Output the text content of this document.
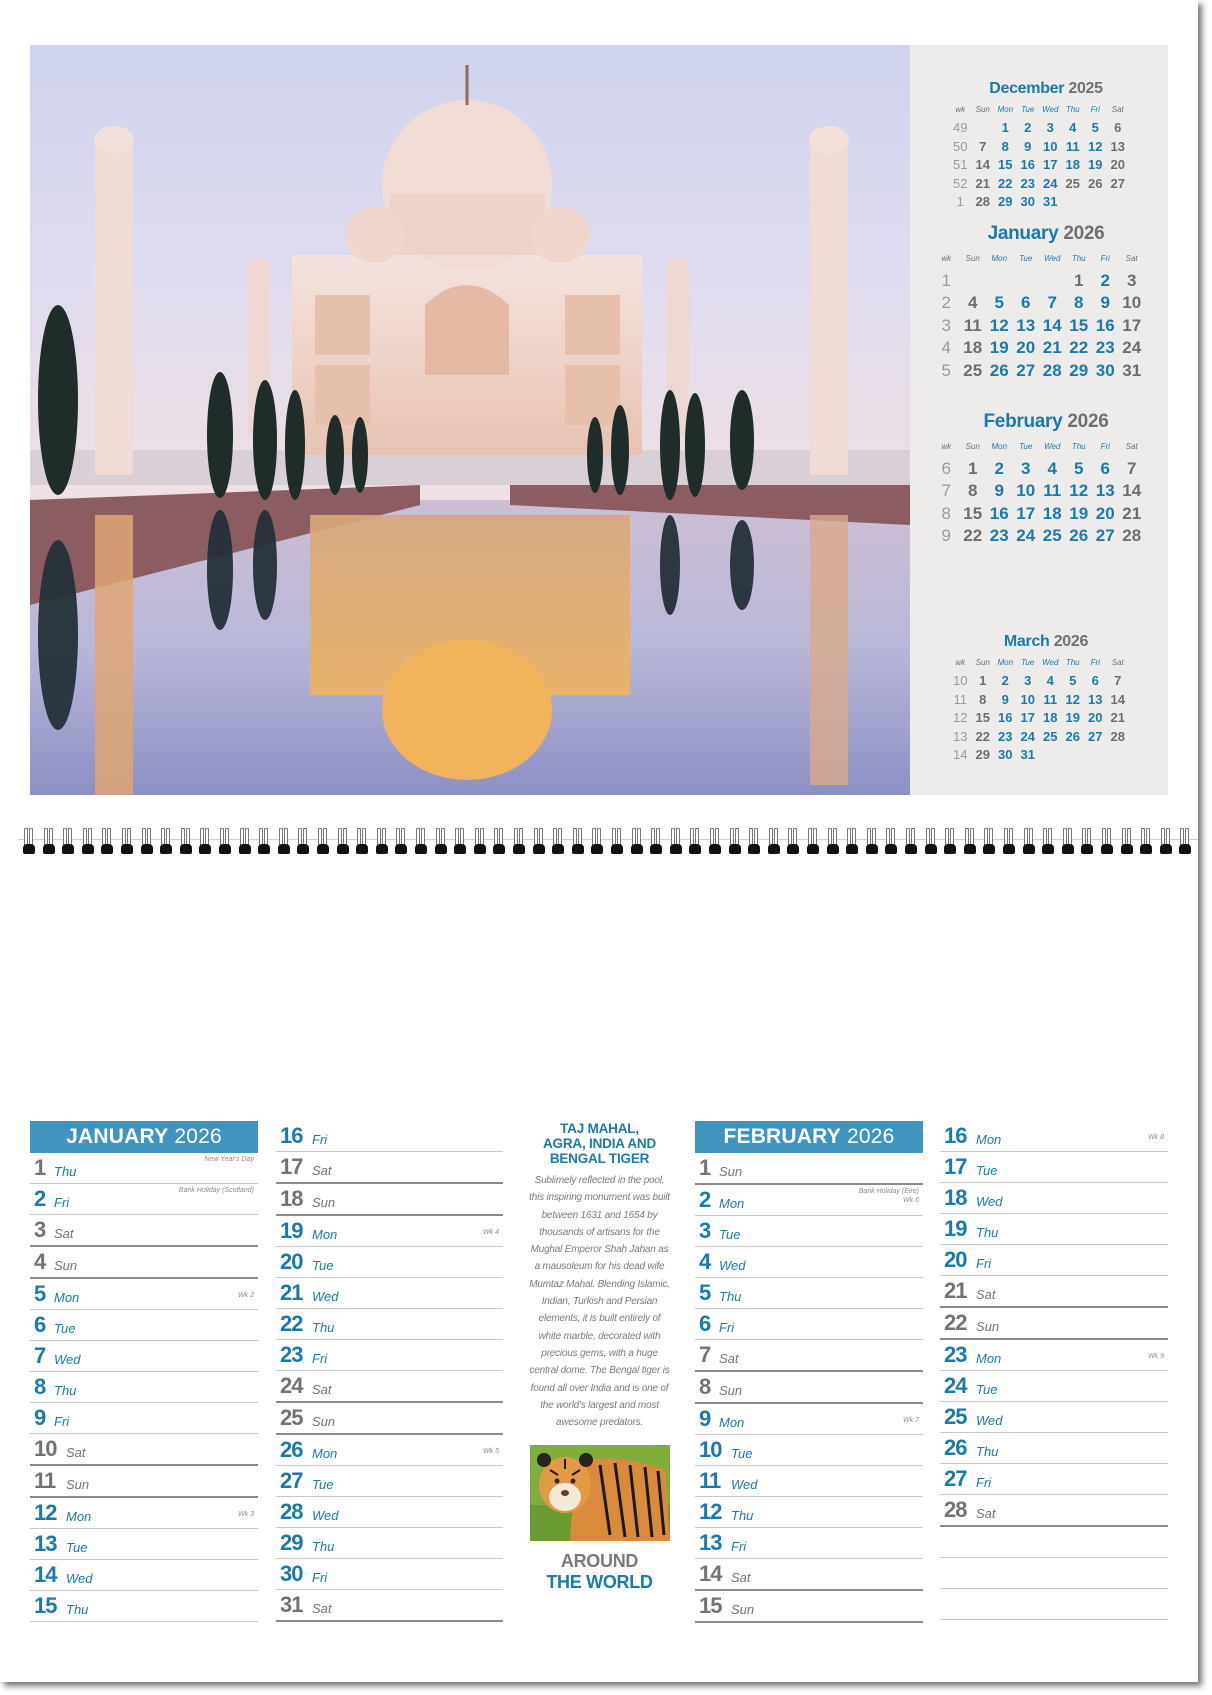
December 2025
wk	Sun	Mon	Tue	Wed	Thu	Fri	Sat
49		1	2	3	4	5	6
50	7	8	9	10	11	12	13
51	14	15	16	17	18	19	20
52	21	22	23	24	25	26	27
1	28	29	30	31			
January 2026
wk	Sun	Mon	Tue	Wed	Thu	Fri	Sat
1					1	2	3
2	4	5	6	7	8	9	10
3	11	12	13	14	15	16	17
4	18	19	20	21	22	23	24
5	25	26	27	28	29	30	31
February 2026
wk	Sun	Mon	Tue	Wed	Thu	Fri	Sat
6	1	2	3	4	5	6	7
7	8	9	10	11	12	13	14
8	15	16	17	18	19	20	21
9	22	23	24	25	26	27	28
March 2026
wk	Sun	Mon	Tue	Wed	Thu	Fri	Sat
10	1	2	3	4	5	6	7
11	8	9	10	11	12	13	14
12	15	16	17	18	19	20	21
13	22	23	24	25	26	27	28
14	29	30	31				
JANUARY 2026
1 Thu
New Year's Day
2 Fri
Bank Holiday (Scotland)
3 Sat
4 Sun
5 Mon	Wk 2
6 Tue
7 Wed
8 Thu
9 Fri
10 Sat
11 Sun
12 Mon	Wk 3
13 Tue
14 Wed
15 Thu
16 Fri
17 Sat
18 Sun
19 Mon	Wk 4
20 Tue
21 Wed
22 Thu
23 Fri
24 Sat
25 Sun
26 Mon	Wk 5
27 Tue
28 Wed
29 Thu
30 Fri
31 Sat
TAJ MAHAL,
AGRA, INDIA AND
BENGAL TIGER
Sublimely reflected in the pool, this inspiring monument was built between 1631 and 1654 by thousands of artisans for the Mughal Emperor Shah Jahan as a mausoleum for his dead wife Mumtaz Mahal. Blending Islamic, Indian, Turkish and Persian elements, it is built entirely of white marble, decorated with precious gems, with a huge central dome. The Bengal tiger is found all over India and is one of the world's largest and most awesome predators.
AROUND
THE WORLD
FEBRUARY 2026
1 Sun
2 Mon
Bank Holiday (Eire)
Wk 6
3 Tue
4 Wed
5 Thu
6 Fri
7 Sat
8 Sun
9 Mon	Wk 7
10 Tue
11 Wed
12 Thu
13 Fri
14 Sat
15 Sun
16 Mon	Wk 8
17 Tue
18 Wed
19 Thu
20 Fri
21 Sat
22 Sun
23 Mon	Wk 9
24 Tue
25 Wed
26 Thu
27 Fri
28 Sat
